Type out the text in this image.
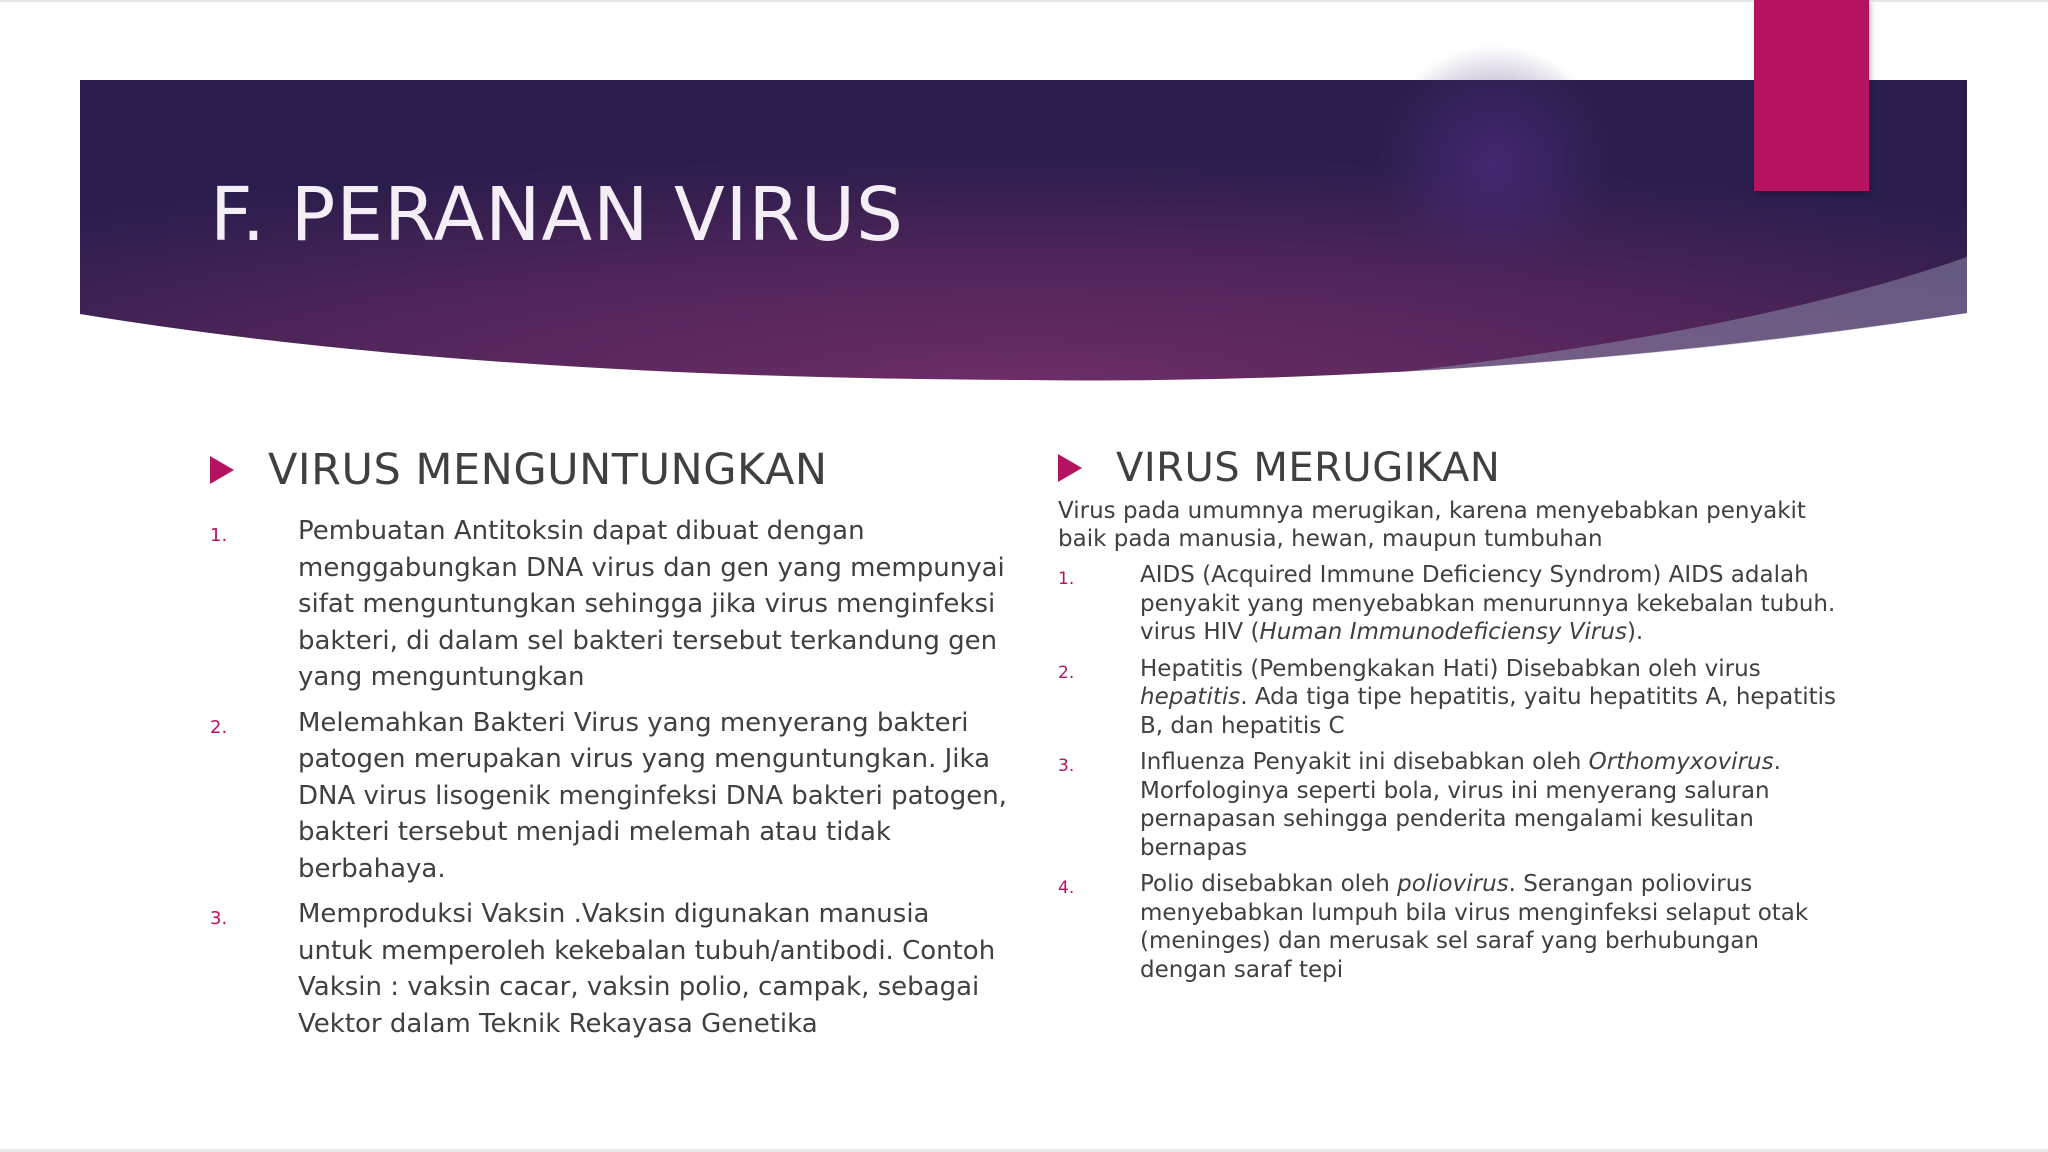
F. PERANAN VIRUS
VIRUS MENGUNTUNGKAN
1.	Pembuatan Antitoksin dapat dibuat dengan menggabungkan DNA virus dan gen yang mempunyai sifat menguntungkan sehingga jika virus menginfeksi bakteri, di dalam sel bakteri tersebut terkandung gen yang menguntungkan
2.	Melemahkan Bakteri Virus yang menyerang bakteri patogen merupakan virus yang menguntungkan. Jika DNA virus lisogenik menginfeksi DNA bakteri patogen, bakteri tersebut menjadi melemah atau tidak berbahaya.
3.	Memproduksi Vaksin .Vaksin digunakan manusia untuk memperoleh kekebalan tubuh/antibodi. Contoh Vaksin : vaksin cacar, vaksin polio, campak, sebagai Vektor dalam Teknik Rekayasa Genetika
VIRUS MERUGIKAN
Virus pada umumnya merugikan, karena menyebabkan penyakit baik pada manusia, hewan, maupun tumbuhan
1.	AIDS (Acquired Immune Deficiency Syndrom) AIDS adalah penyakit yang menyebabkan menurunnya kekebalan tubuh. virus HIV (Human Immunodeficiensy Virus).
2.	Hepatitis (Pembengkakan Hati) Disebabkan oleh virus hepatitis. Ada tiga tipe hepatitis, yaitu hepatitits A, hepatitis B, dan hepatitis C
3.	Influenza Penyakit ini disebabkan oleh Orthomyxovirus. Morfologinya seperti bola, virus ini menyerang saluran pernapasan sehingga penderita mengalami kesulitan bernapas
4.	Polio disebabkan oleh poliovirus. Serangan poliovirus menyebabkan lumpuh bila virus menginfeksi selaput otak (meninges) dan merusak sel saraf yang berhubungan dengan saraf tepi
